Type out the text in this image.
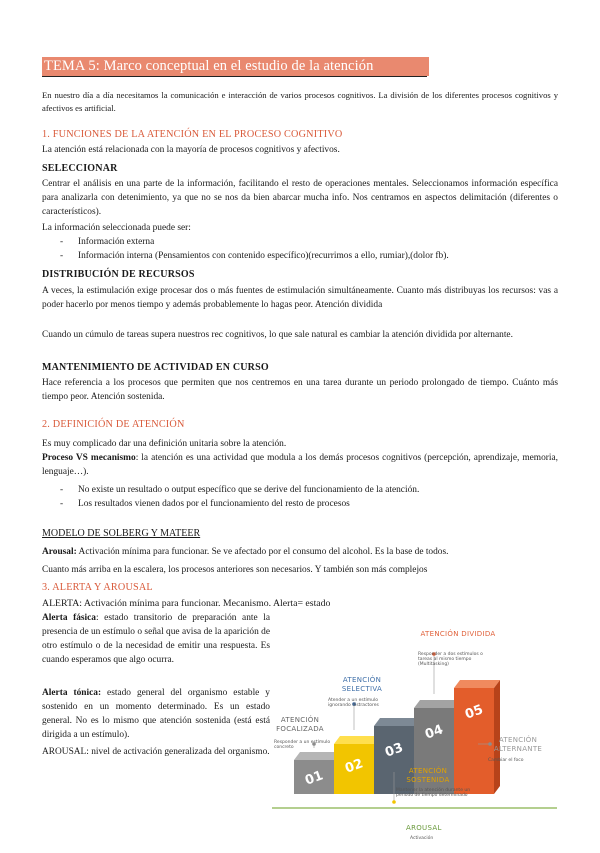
TEMA 5: Marco conceptual en el estudio de la atención
En nuestro día a día necesitamos la comunicación e interacción de varios procesos cognitivos. La división de los diferentes procesos cognitivos y afectivos es artificial.
1. FUNCIONES DE LA ATENCIÓN EN EL PROCESO COGNITIVO
La atención está relacionada con la mayoría de procesos cognitivos y afectivos.
SELECCIONAR
Centrar el análisis en una parte de la información, facilitando el resto de operaciones mentales. Seleccionamos información específica para analizarla con detenimiento, ya que no se nos da bien abarcar mucha info. Nos centramos en aspectos delimitación (diferentes o característicos).
La información seleccionada puede ser:
- Información externa
- Información interna (Pensamientos con contenido específico)(recurrimos a ello, rumiar),(dolor fb).
DISTRIBUCIÓN DE RECURSOS
A veces, la estimulación exige procesar dos o más fuentes de estimulación simultáneamente. Cuanto más distribuyas los recursos: vas a poder hacerlo por menos tiempo y además probablemente lo hagas peor. Atención dividida
Cuando un cúmulo de tareas supera nuestros rec cognitivos, lo que sale natural es cambiar la atención dividida por alternante.
MANTENIMIENTO DE ACTIVIDAD EN CURSO
Hace referencia a los procesos que permiten que nos centremos en una tarea durante un periodo prolongado de tiempo. Cuánto más tiempo peor. Atención sostenida.
2. DEFINICIÓN DE ATENCIÓN
Es muy complicado dar una definición unitaria sobre la atención.
Proceso VS mecanismo: la atención es una actividad que modula a los demás procesos cognitivos (percepción, aprendizaje, memoria, lenguaje…).
- No existe un resultado o output específico que se derive del funcionamiento de la atención.
- Los resultados vienen dados por el funcionamiento del resto de procesos
MODELO DE SOLBERG Y MATEER
Arousal: Activación mínima para funcionar. Se ve afectado por el consumo del alcohol. Es la base de todos.
Cuanto más arriba en la escalera, los procesos anteriores son necesarios. Y también son más complejos
3. ALERTA Y AROUSAL
ALERTA: Activación mínima para funcionar. Mecanismo. Alerta= estado
Alerta fásica: estado transitorio de preparación ante la presencia de un estímulo o señal que avisa de la aparición de otro estímulo o de la necesidad de emitir una respuesta. Es cuando esperamos que algo ocurra.
Alerta tónica: estado general del organismo estable y sostenido en un momento determinado. Es un estado general. No es lo mismo que atención sostenida (está está dirigida a un estímulo).
AROUSAL: nivel de activación generalizada del organismo.
01
02
03
04
05
ATENCIÓN DIVIDIDA
Responder a dos estímulos o tareas al mismo tiempo (Multitasking)
ATENCIÓN SELECTIVA
Atender a un estímulo ignorando distractores
ATENCIÓN FOCALIZADA
Responder a un estímulo concreto
ATENCIÓN ALTERNANTE
Cambiar el foco
ATENCIÓN SOSTENIDA
Mantener la atención durante un periodo de tiempo determinado
AROUSAL
Activación
